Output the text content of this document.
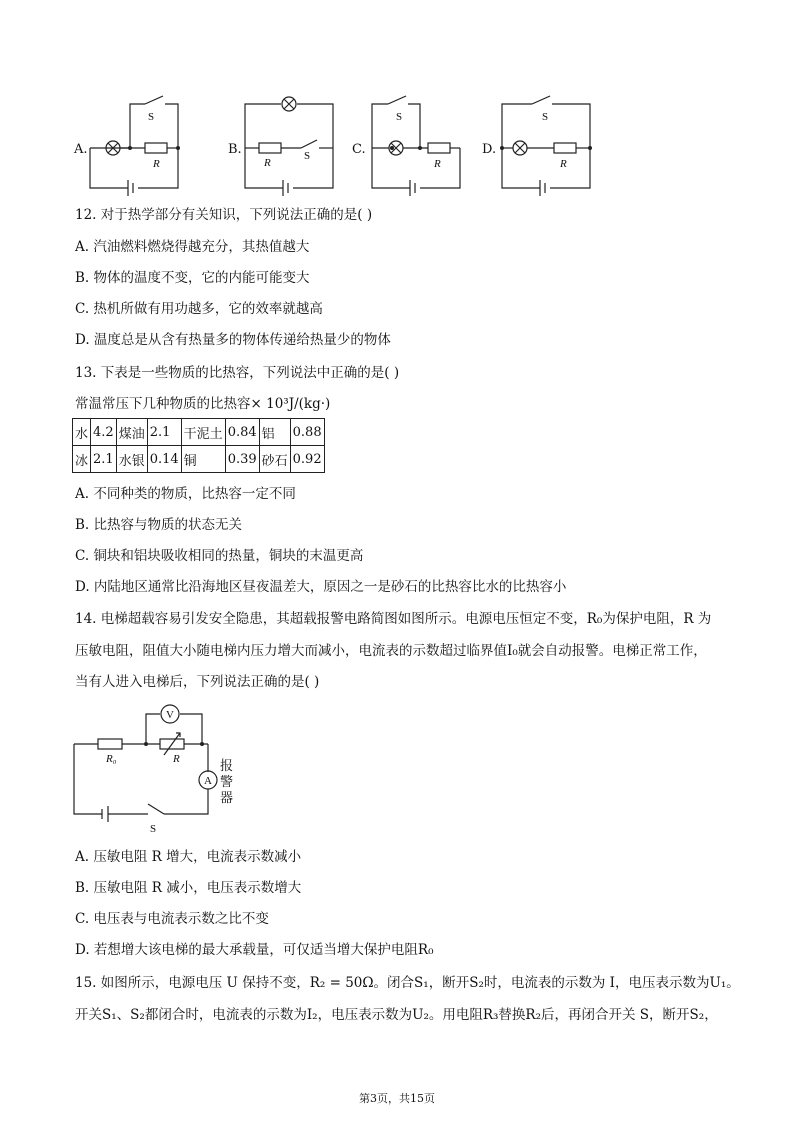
S
R	R
S
S
R
S
R
A.	B.	C.	D.
12. 对于热学部分有关知识，下列说法正确的是( )
A. 汽油燃料燃烧得越充分，其热值越大
B. 物体的温度不变，它的内能可能变大
C. 热机所做有用功越多，它的效率就越高
D. 温度总是从含有热量多的物体传递给热量少的物体
13. 下表是一些物质的比热容，下列说法中正确的是( )
常温常压下几种物质的比热容× 10³J/(kg·)
水	4.2	煤油	2.1	干泥土	0.84	铝	0.88
冰	2.1	水银	0.14	铜	0.39	砂石	0.92
A. 不同种类的物质，比热容一定不同
B. 比热容与物质的状态无关
C. 铜块和铝块吸收相同的热量，铜块的末温更高
D. 内陆地区通常比沿海地区昼夜温差大，原因之一是砂石的比热容比水的比热容小
14. 电梯超载容易引发安全隐患，其超载报警电路简图如图所示。电源电压恒定不变，R₀为保护电阻，R 为
压敏电阻，阻值大小随电梯内压力增大而减小，电流表的示数超过临界值I₀就会自动报警。电梯正常工作，
当有人进入电梯后，下列说法正确的是( )
V
A
R₀	R
S
报
警
器
A. 压敏电阻 R 增大，电流表示数减小
B. 压敏电阻 R 减小，电压表示数增大
C. 电压表与电流表示数之比不变
D. 若想增大该电梯的最大承载量，可仅适当增大保护电阻R₀
15. 如图所示，电源电压 U 保持不变，R₂ = 50Ω。闭合S₁，断开S₂时，电流表的示数为 I，电压表示数为U₁。
开关S₁、S₂都闭合时，电流表的示数为I₂，电压表示数为U₂。用电阻R₃替换R₂后，再闭合开关 S，断开S₂，
第3页，共15页
